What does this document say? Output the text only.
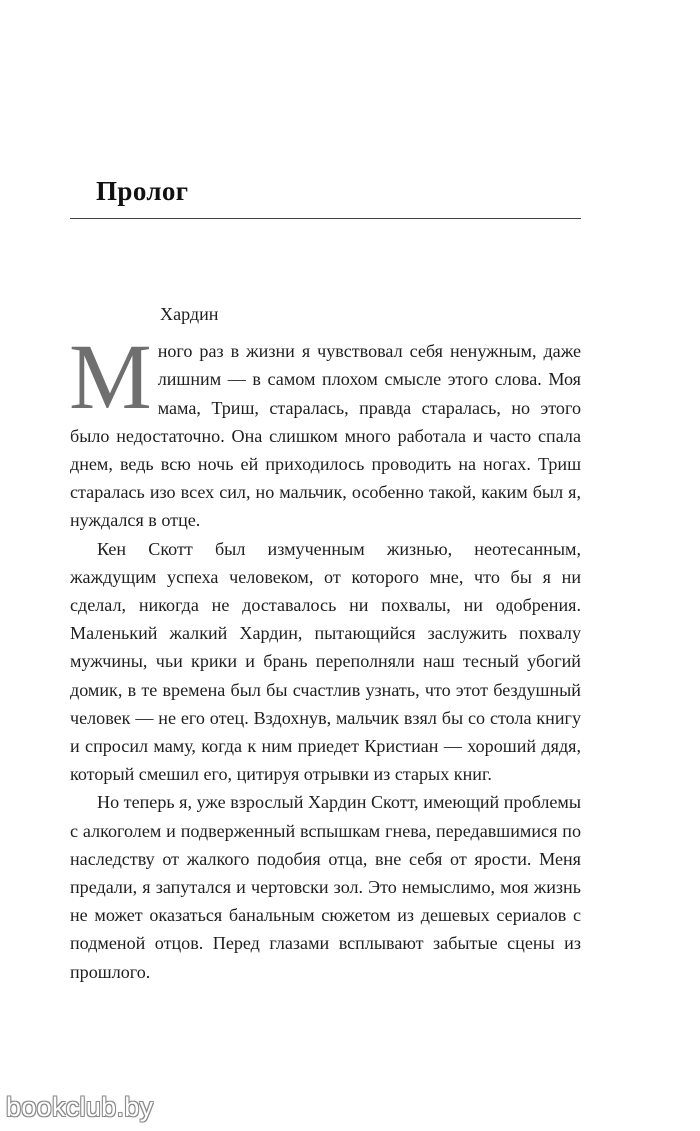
Пролог

Хардин

Много раз в жизни я чувствовал себя ненужным, даже лишним — в самом плохом смысле этого слова. Моя мама, Триш, старалась, правда старалась, но этого было недостаточно. Она слишком много работала и часто спала днем, ведь всю ночь ей приходилось проводить на ногах. Триш старалась изо всех сил, но мальчик, особенно такой, каким был я, нуждался в отце.

Кен Скотт был измученным жизнью, неотесанным, жаждущим успеха человеком, от которого мне, что бы я ни сделал, никогда не доставалось ни похвалы, ни одобрения. Маленький жалкий Хардин, пытающийся заслужить похвалу мужчины, чьи крики и брань переполняли наш тесный убогий домик, в те времена был бы счастлив узнать, что этот бездушный человек — не его отец. Вздохнув, мальчик взял бы со стола книгу и спросил маму, когда к ним приедет Кристиан — хороший дядя, который смешил его, цитируя отрывки из старых книг.

Но теперь я, уже взрослый Хардин Скотт, имеющий проблемы с алкоголем и подверженный вспышкам гнева, передавшимися по наследству от жалкого подобия отца, вне себя от ярости. Меня предали, я запутался и чертовски зол. Это немыслимо, моя жизнь не может оказаться банальным сюжетом из дешевых сериалов с подменой отцов. Перед глазами всплывают забытые сцены из прошлого.

bookclub.by
